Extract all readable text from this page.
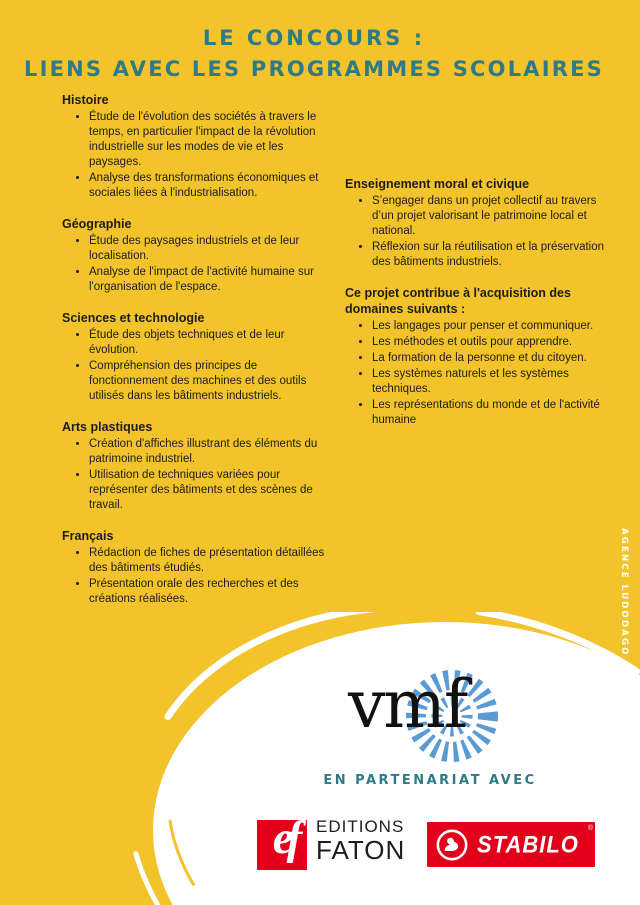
LE CONCOURS :
LIENS AVEC LES PROGRAMMES SCOLAIRES
Histoire
• Étude de l'évolution des sociétés à travers le temps, en particulier l'impact de la révolution industrielle sur les modes de vie et les paysages.
• Analyse des transformations économiques et sociales liées à l'industrialisation.
Géographie
• Étude des paysages industriels et de leur localisation.
• Analyse de l'impact de l'activité humaine sur l'organisation de l'espace.
Sciences et technologie
• Étude des objets techniques et de leur évolution.
• Compréhension des principes de fonctionnement des machines et des outils utilisés dans les bâtiments industriels.
Arts plastiques
• Création d'affiches illustrant des éléments du patrimoine industriel.
• Utilisation de techniques variées pour représenter des bâtiments et des scènes de travail.
Français
• Rédaction de fiches de présentation détaillées des bâtiments étudiés.
• Présentation orale des recherches et des créations réalisées.
Enseignement moral et civique
• S’engager dans un projet collectif au travers d’un projet valorisant le patrimoine local et national.
• Réflexion sur la réutilisation et la préservation des bâtiments industriels.
Ce projet contribue à l'acquisition des domaines suivants :
• Les langages pour penser et communiquer.
• Les méthodes et outils pour apprendre.
• La formation de la personne et du citoyen.
• Les systèmes naturels et les systèmes techniques.
• Les représentations du monde et de l'activité humaine
vmf
EN PARTENARIAT AVEC
ef	EDITIONS
FATON	STABILO
®
AGENCE LUDODAGO
